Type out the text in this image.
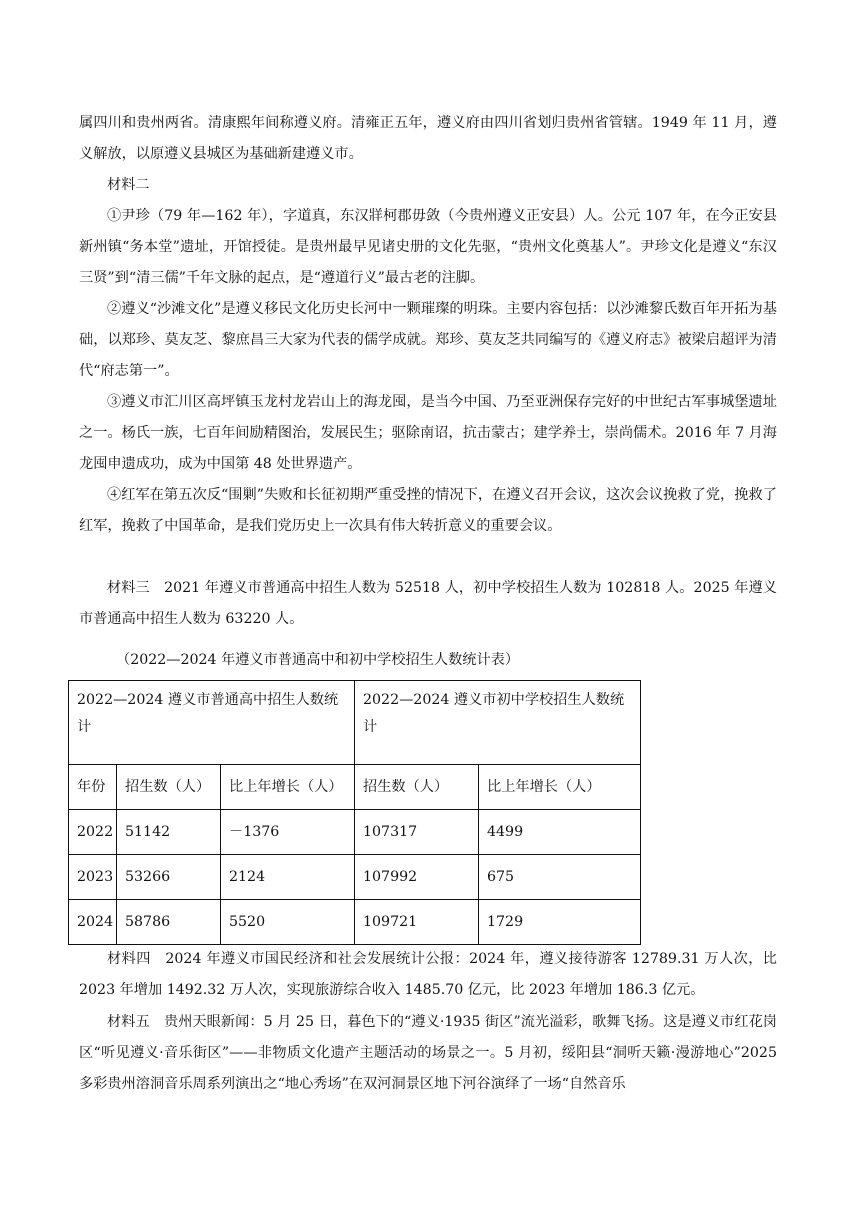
属四川和贵州两省。清康熙年间称遵义府。清雍正五年，遵义府由四川省划归贵州省管辖。1949 年 11 月，遵义解放，以原遵义县城区为基础新建遵义市。

材料二

①尹珍（79 年—162 年），字道真，东汉牂柯郡毋敛（今贵州遵义正安县）人。公元 107 年，在今正安县新州镇“务本堂”遗址，开馆授徒。是贵州最早见诸史册的文化先驱，“贵州文化奠基人”。尹珍文化是遵义“东汉三贤”到“清三儒”千年文脉的起点，是“遵道行义”最古老的注脚。

②遵义“沙滩文化”是遵义移民文化历史长河中一颗璀璨的明珠。主要内容包括：以沙滩黎氏数百年开拓为基础，以郑珍、莫友芝、黎庶昌三大家为代表的儒学成就。郑珍、莫友芝共同编写的《遵义府志》被梁启超评为清代“府志第一”。

③遵义市汇川区高坪镇玉龙村龙岩山上的海龙囤，是当今中国、乃至亚洲保存完好的中世纪古军事城堡遗址之一。杨氏一族，七百年间励精图治，发展民生；驱除南诏，抗击蒙古；建学养士，崇尚儒术。2016 年 7 月海龙囤申遗成功，成为中国第 48 处世界遗产。

④红军在第五次反“围剿”失败和长征初期严重受挫的情况下，在遵义召开会议，这次会议挽救了党，挽救了红军，挽救了中国革命，是我们党历史上一次具有伟大转折意义的重要会议。

材料三　2021 年遵义市普通高中招生人数为 52518 人，初中学校招生人数为 102818 人。2025 年遵义市普通高中招生人数为 63220 人。

（2022—2024 年遵义市普通高中和初中学校招生人数统计表）

2022—2024 遵义市普通高中招生人数统计			2022—2024 遵义市初中学校招生人数统计	
年份	招生数（人）	比上年增长（人）	招生数（人）	比上年增长（人）
2022	51142	－1376	107317	4499
2023	53266	2124	107992	675
2024	58786	5520	109721	1729

材料四　2024 年遵义市国民经济和社会发展统计公报：2024 年，遵义接待游客 12789.31 万人次，比 2023 年增加 1492.32 万人次，实现旅游综合收入 1485.70 亿元，比 2023 年增加 186.3 亿元。

材料五　贵州天眼新闻：5 月 25 日，暮色下的“遵义·1935 街区”流光溢彩，歌舞飞扬。这是遵义市红花岗区“听见遵义·音乐街区”——非物质文化遗产主题活动的场景之一。5 月初，绥阳县“洞听天籁·漫游地心”2025 多彩贵州溶洞音乐周系列演出之“地心秀场”在双河洞景区地下河谷演绎了一场“自然音乐
